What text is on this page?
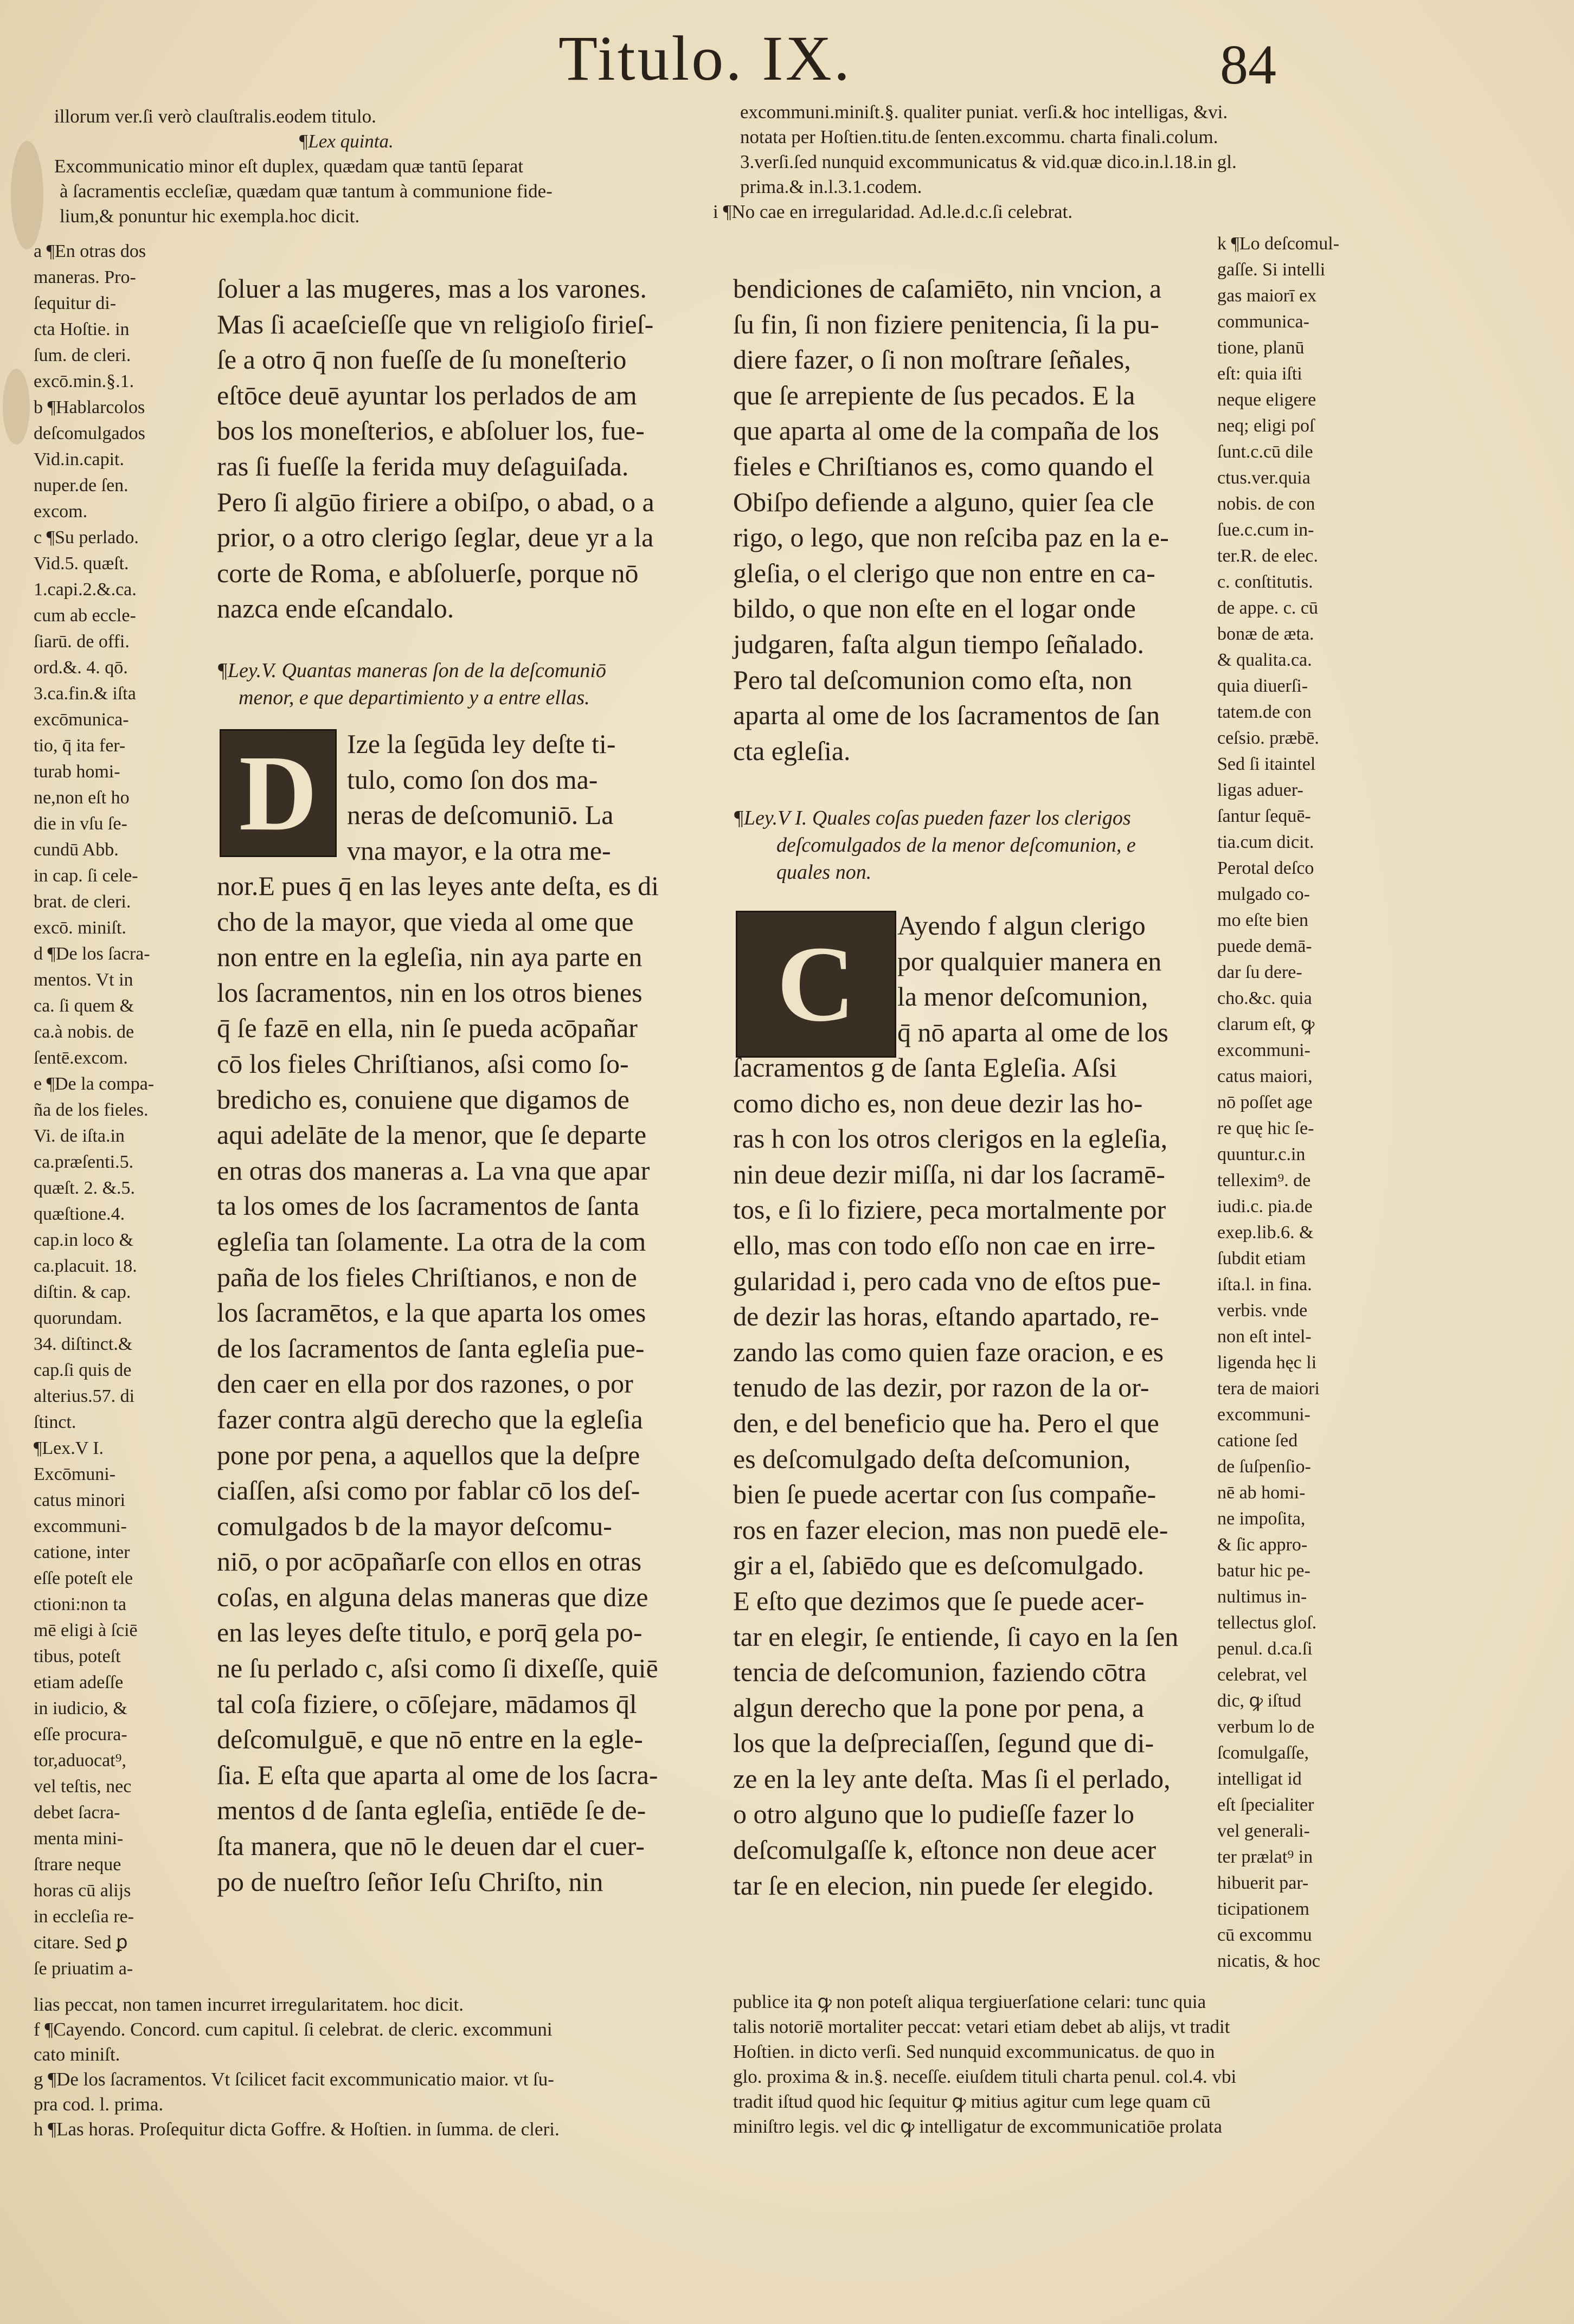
Titulo. IX.	84
illorum ver.ſi verò clauſtralis.eodem titulo.
¶Lex quinta.
Excommunicatio minor eſt duplex, quædam quæ tantū ſeparat
à ſacramentis eccleſiæ, quædam quæ tantum à communione fide-
lium,& ponuntur hic exempla.hoc dicit.
excommuni.miniſt.§. qualiter puniat. verſi.& hoc intelligas, &vi.
notata per Hoſtien.titu.de ſenten.excommu. charta finali.colum.
3.verſi.ſed nunquid excommunicatus & vid.quæ dico.in.l.18.in gl.
prima.& in.l.3.1.codem.
i ¶No cae en irregularidad. Ad.le.d.c.ſi celebrat.
a ¶En otras dos
maneras. Pro-
ſequitur di-
cta Hoſtie. in
ſum. de cleri.
excō.min.§.1.
b ¶Hablarcolos
deſcomulgados
Vid.in.capit.
nuper.de ſen.
excom.
c ¶Su perlado.
Vid.5. quæſt.
1.capi.2.&.ca.
cum ab eccle-
ſiarū. de offi.
ord.&. 4. qō.
3.ca.fin.& iſta
excōmunica-
tio, q̄ ita fer-
turab homi-
ne,non eſt ho
die in vſu ſe-
cundū Abb.
in cap. ſi cele-
brat. de cleri.
excō. miniſt.
d ¶De los ſacra-
mentos. Vt in
ca. ſi quem &
ca.à nobis. de
ſentē.excom.
e ¶De la compa-
ña de los fieles.
Vi. de iſta.in
ca.præſenti.5.
quæſt. 2. &.5.
quæſtione.4.
cap.in loco &
ca.placuit. 18.
diſtin. & cap.
quorundam.
34. diſtinct.&
cap.ſi quis de
alterius.57. di
ſtinct.
¶Lex.V I.
Excōmuni-
catus minori
excommuni-
catione, inter
eſſe poteſt ele
ctioni:non ta
mē eligi à ſciē
tibus, poteſt
etiam adeſſe
in iudicio, &
eſſe procura-
tor,aduocat⁹,
vel teſtis, nec
debet ſacra-
menta mini-
ſtrare neque
horas cū alijs
in eccleſia re-
citare. Sed ꝑ
ſe priuatim a-
ſoluer a las mugeres, mas a los varones.
Mas ſi acaeſcieſſe que vn religioſo firieſ-
ſe a otro q̄ non fueſſe de ſu moneſterio
eſtōce deuē ayuntar los perlados de am
bos los moneſterios, e abſoluer los, fue-
ras ſi fueſſe la ferida muy deſaguiſada.
Pero ſi algūo firiere a obiſpo, o abad, o a
prior, o a otro clerigo ſeglar, deue yr a la
corte de Roma, e abſoluerſe, porque nō
nazca ende eſcandalo.
¶Ley.V. Quantas maneras ſon de la deſcomuniō
menor, e que departimiento y a entre ellas.
D Ize la ſegūda ley deſte ti-
tulo, como ſon dos ma-
neras de deſcomuniō. La
vna mayor, e la otra me-
nor.E pues q̄ en las leyes ante deſta, es di
cho de la mayor, que vieda al ome que
non entre en la egleſia, nin aya parte en
los ſacramentos, nin en los otros bienes
q̄ ſe fazē en ella, nin ſe pueda acōpañar
cō los fieles Chriſtianos, aſsi como ſo-
bredicho es, conuiene que digamos de
aqui adelāte de la menor, que ſe departe
en otras dos maneras a. La vna que apar
ta los omes de los ſacramentos de ſanta
egleſia tan ſolamente. La otra de la com
paña de los fieles Chriſtianos, e non de
los ſacramētos, e la que aparta los omes
de los ſacramentos de ſanta egleſia pue-
den caer en ella por dos razones, o por
fazer contra algū derecho que la egleſia
pone por pena, a aquellos que la deſpre
ciaſſen, aſsi como por fablar cō los deſ-
comulgados b de la mayor deſcomu-
niō, o por acōpañarſe con ellos en otras
coſas, en alguna delas maneras que dize
en las leyes deſte titulo, e porq̄ gela po-
ne ſu perlado c, aſsi como ſi dixeſſe, quiē
tal coſa fiziere, o cōſejare, mādamos q̄l
deſcomulguē, e que nō entre en la egle-
ſia. E eſta que aparta al ome de los ſacra-
mentos d de ſanta egleſia, entiēde ſe de-
ſta manera, que nō le deuen dar el cuer-
po de nueſtro ſeñor Ieſu Chriſto, nin
bendiciones de caſamiēto, nin vncion, a
ſu fin, ſi non fiziere penitencia, ſi la pu-
diere fazer, o ſi non moſtrare ſeñales,
que ſe arrepiente de ſus pecados. E la
que aparta al ome de la compaña de los
fieles e Chriſtianos es, como quando el
Obiſpo defiende a alguno, quier ſea cle
rigo, o lego, que non reſciba paz en la e-
gleſia, o el clerigo que non entre en ca-
bildo, o que non eſte en el logar onde
judgaren, faſta algun tiempo ſeñalado.
Pero tal deſcomunion como eſta, non
aparta al ome de los ſacramentos de ſan
cta egleſia.
¶Ley.V I. Quales coſas pueden fazer los clerigos
deſcomulgados de la menor deſcomunion, e
quales non.
C Ayendo f algun clerigo
por qualquier manera en
la menor deſcomunion,
q̄ nō aparta al ome de los
ſacramentos g de ſanta Egleſia. Aſsi
como dicho es, non deue dezir las ho-
ras h con los otros clerigos en la egleſia,
nin deue dezir miſſa, ni dar los ſacramē-
tos, e ſi lo fiziere, peca mortalmente por
ello, mas con todo eſſo non cae en irre-
gularidad i, pero cada vno de eſtos pue-
de dezir las horas, eſtando apartado, re-
zando las como quien faze oracion, e es
tenudo de las dezir, por razon de la or-
den, e del beneficio que ha. Pero el que
es deſcomulgado deſta deſcomunion,
bien ſe puede acertar con ſus compañe-
ros en fazer elecion, mas non puedē ele-
gir a el, ſabiēdo que es deſcomulgado.
E eſto que dezimos que ſe puede acer-
tar en elegir, ſe entiende, ſi cayo en la ſen
tencia de deſcomunion, faziendo cōtra
algun derecho que la pone por pena, a
los que la deſpreciaſſen, ſegund que di-
ze en la ley ante deſta. Mas ſi el perlado,
o otro alguno que lo pudieſſe fazer lo
deſcomulgaſſe k, eſtonce non deue acer
tar ſe en elecion, nin puede ſer elegido.
k ¶Lo deſcomul-
gaſſe. Si intelli
gas maiorī ex
communica-
tione, planū
eſt: quia iſti
neque eligere
neq; eligi poſ
ſunt.c.cū dile
ctus.ver.quia
nobis. de con
ſue.c.cum in-
ter.R. de elec.
c. conſtitutis.
de appe. c. cū
bonæ de æta.
& qualita.ca.
quia diuerſi-
tatem.de con
ceſsio. præbē.
Sed ſi itaintel
ligas aduer-
ſantur ſequē-
tia.cum dicit.
Perotal deſco
mulgado co-
mo eſte bien
puede demā-
dar ſu dere-
cho.&c. quia
clarum eſt, ꝙ
excommuni-
catus maiori,
nō poſſet age
re quę hic ſe-
quuntur.c.in
tellexim⁹. de
iudi.c. pia.de
exep.lib.6. &
ſubdit etiam
iſta.l. in fina.
verbis. vnde
non eſt intel-
ligenda hęc li
tera de maiori
excommuni-
catione ſed
de ſuſpenſio-
nē ab homi-
ne impoſita,
& ſic appro-
batur hic pe-
nultimus in-
tellectus gloſ.
penul. d.ca.ſi
celebrat, vel
dic, ꝙ iſtud
verbum lo de
ſcomulgaſſe,
intelligat id
eſt ſpecialiter
vel generali-
ter prælat⁹ in
hibuerit par-
ticipationem
cū excommu
nicatis, & hoc
lias peccat, non tamen incurret irregularitatem. hoc dicit.
f ¶Cayendo. Concord. cum capitul. ſi celebrat. de cleric. excommuni
cato miniſt.
g ¶De los ſacramentos. Vt ſcilicet facit excommunicatio maior. vt ſu-
pra cod. l. prima.
h ¶Las horas. Proſequitur dicta Goffre. & Hoſtien. in ſumma. de cleri.
publice ita ꝙ non poteſt aliqua tergiuerſatione celari: tunc quia
talis notoriē mortaliter peccat: vetari etiam debet ab alijs, vt tradit
Hoſtien. in dicto verſi. Sed nunquid excommunicatus. de quo in
glo. proxima & in.§. neceſſe. eiuſdem tituli charta penul. col.4. vbi
tradit iſtud quod hic ſequitur ꝙ mitius agitur cum lege quam cū
miniſtro legis. vel dic ꝙ intelligatur de excommunicatiōe prolata
